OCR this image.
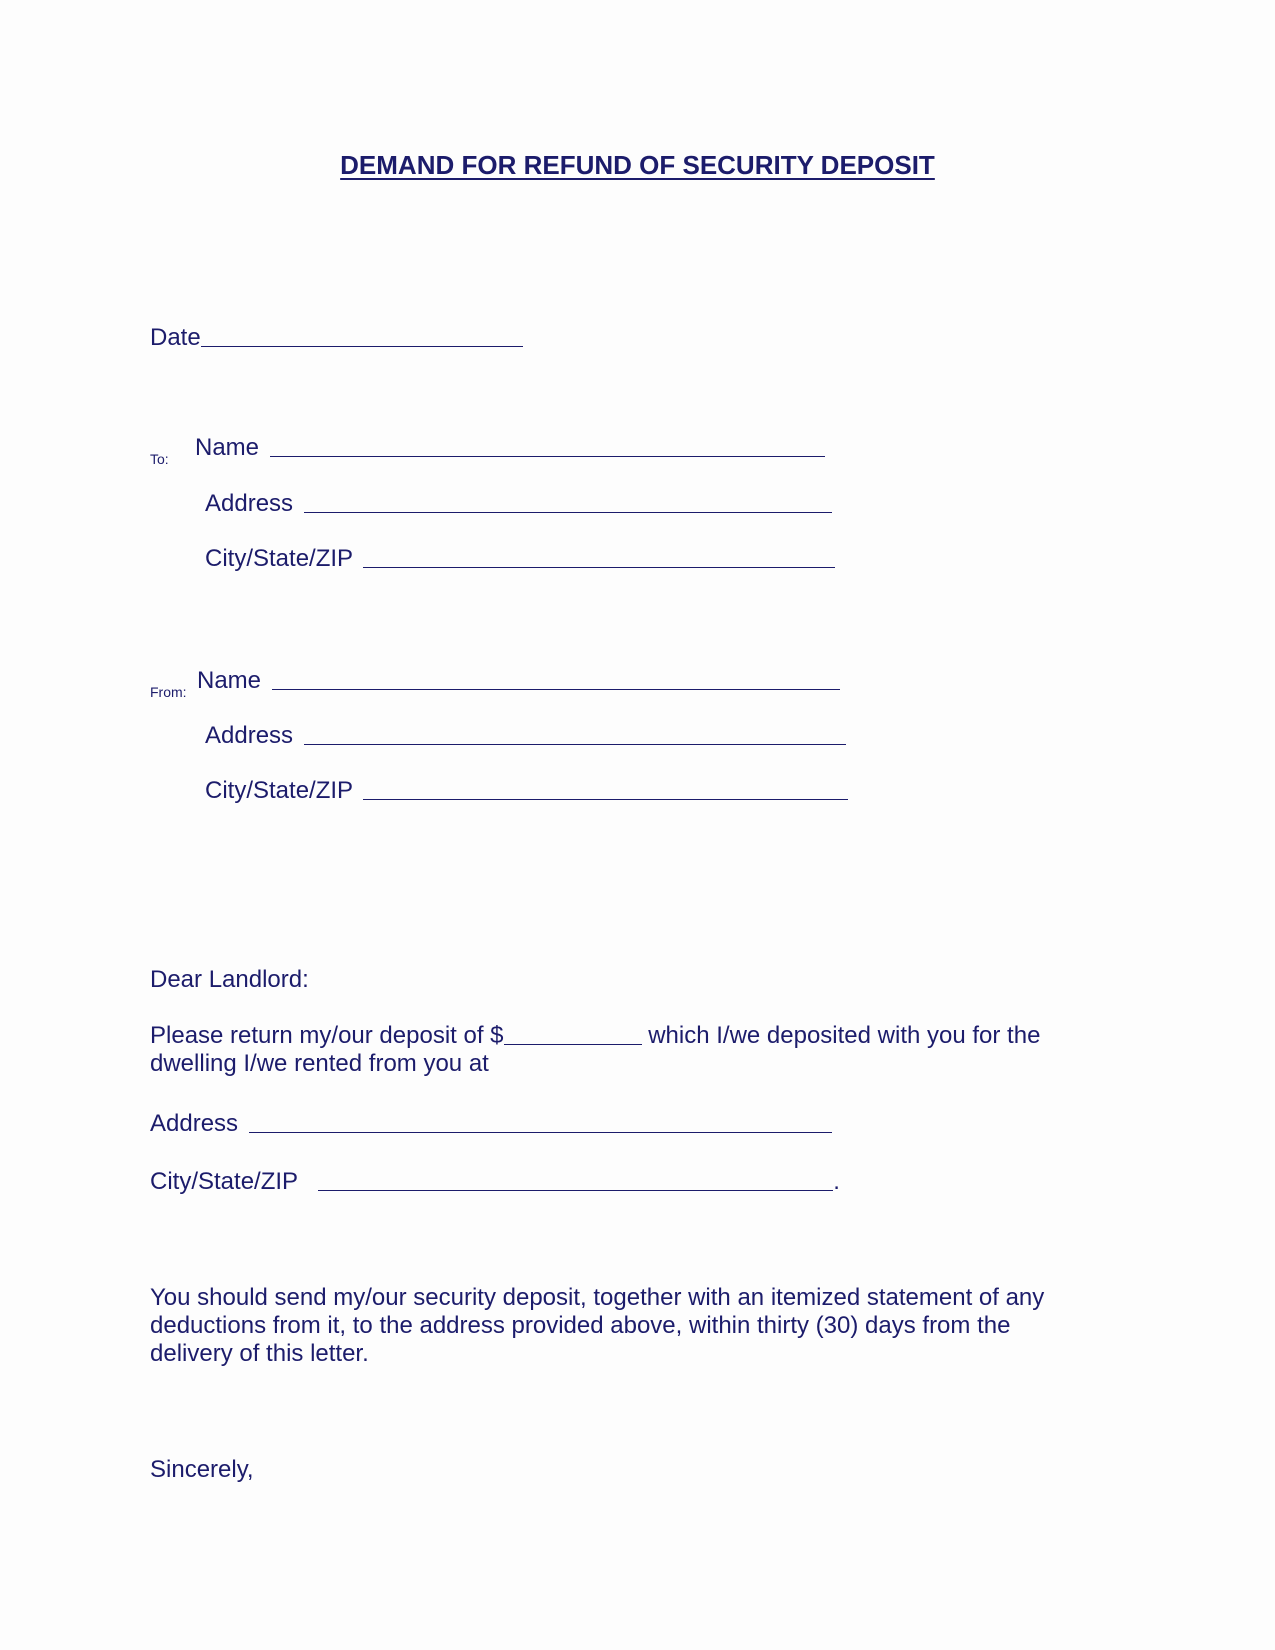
DEMAND FOR REFUND OF SECURITY DEPOSIT
Date
To: Name
Address
City/State/ZIP
From: Name
Address
City/State/ZIP
Dear Landlord:
Please return my/our deposit of $	which I/we deposited with you for the
dwelling I/we rented from you at
Address
City/State/ZIP	.
You should send my/our security deposit, together with an itemized statement of any
deductions from it, to the address provided above, within thirty (30) days from the
delivery of this letter.
Sincerely,
